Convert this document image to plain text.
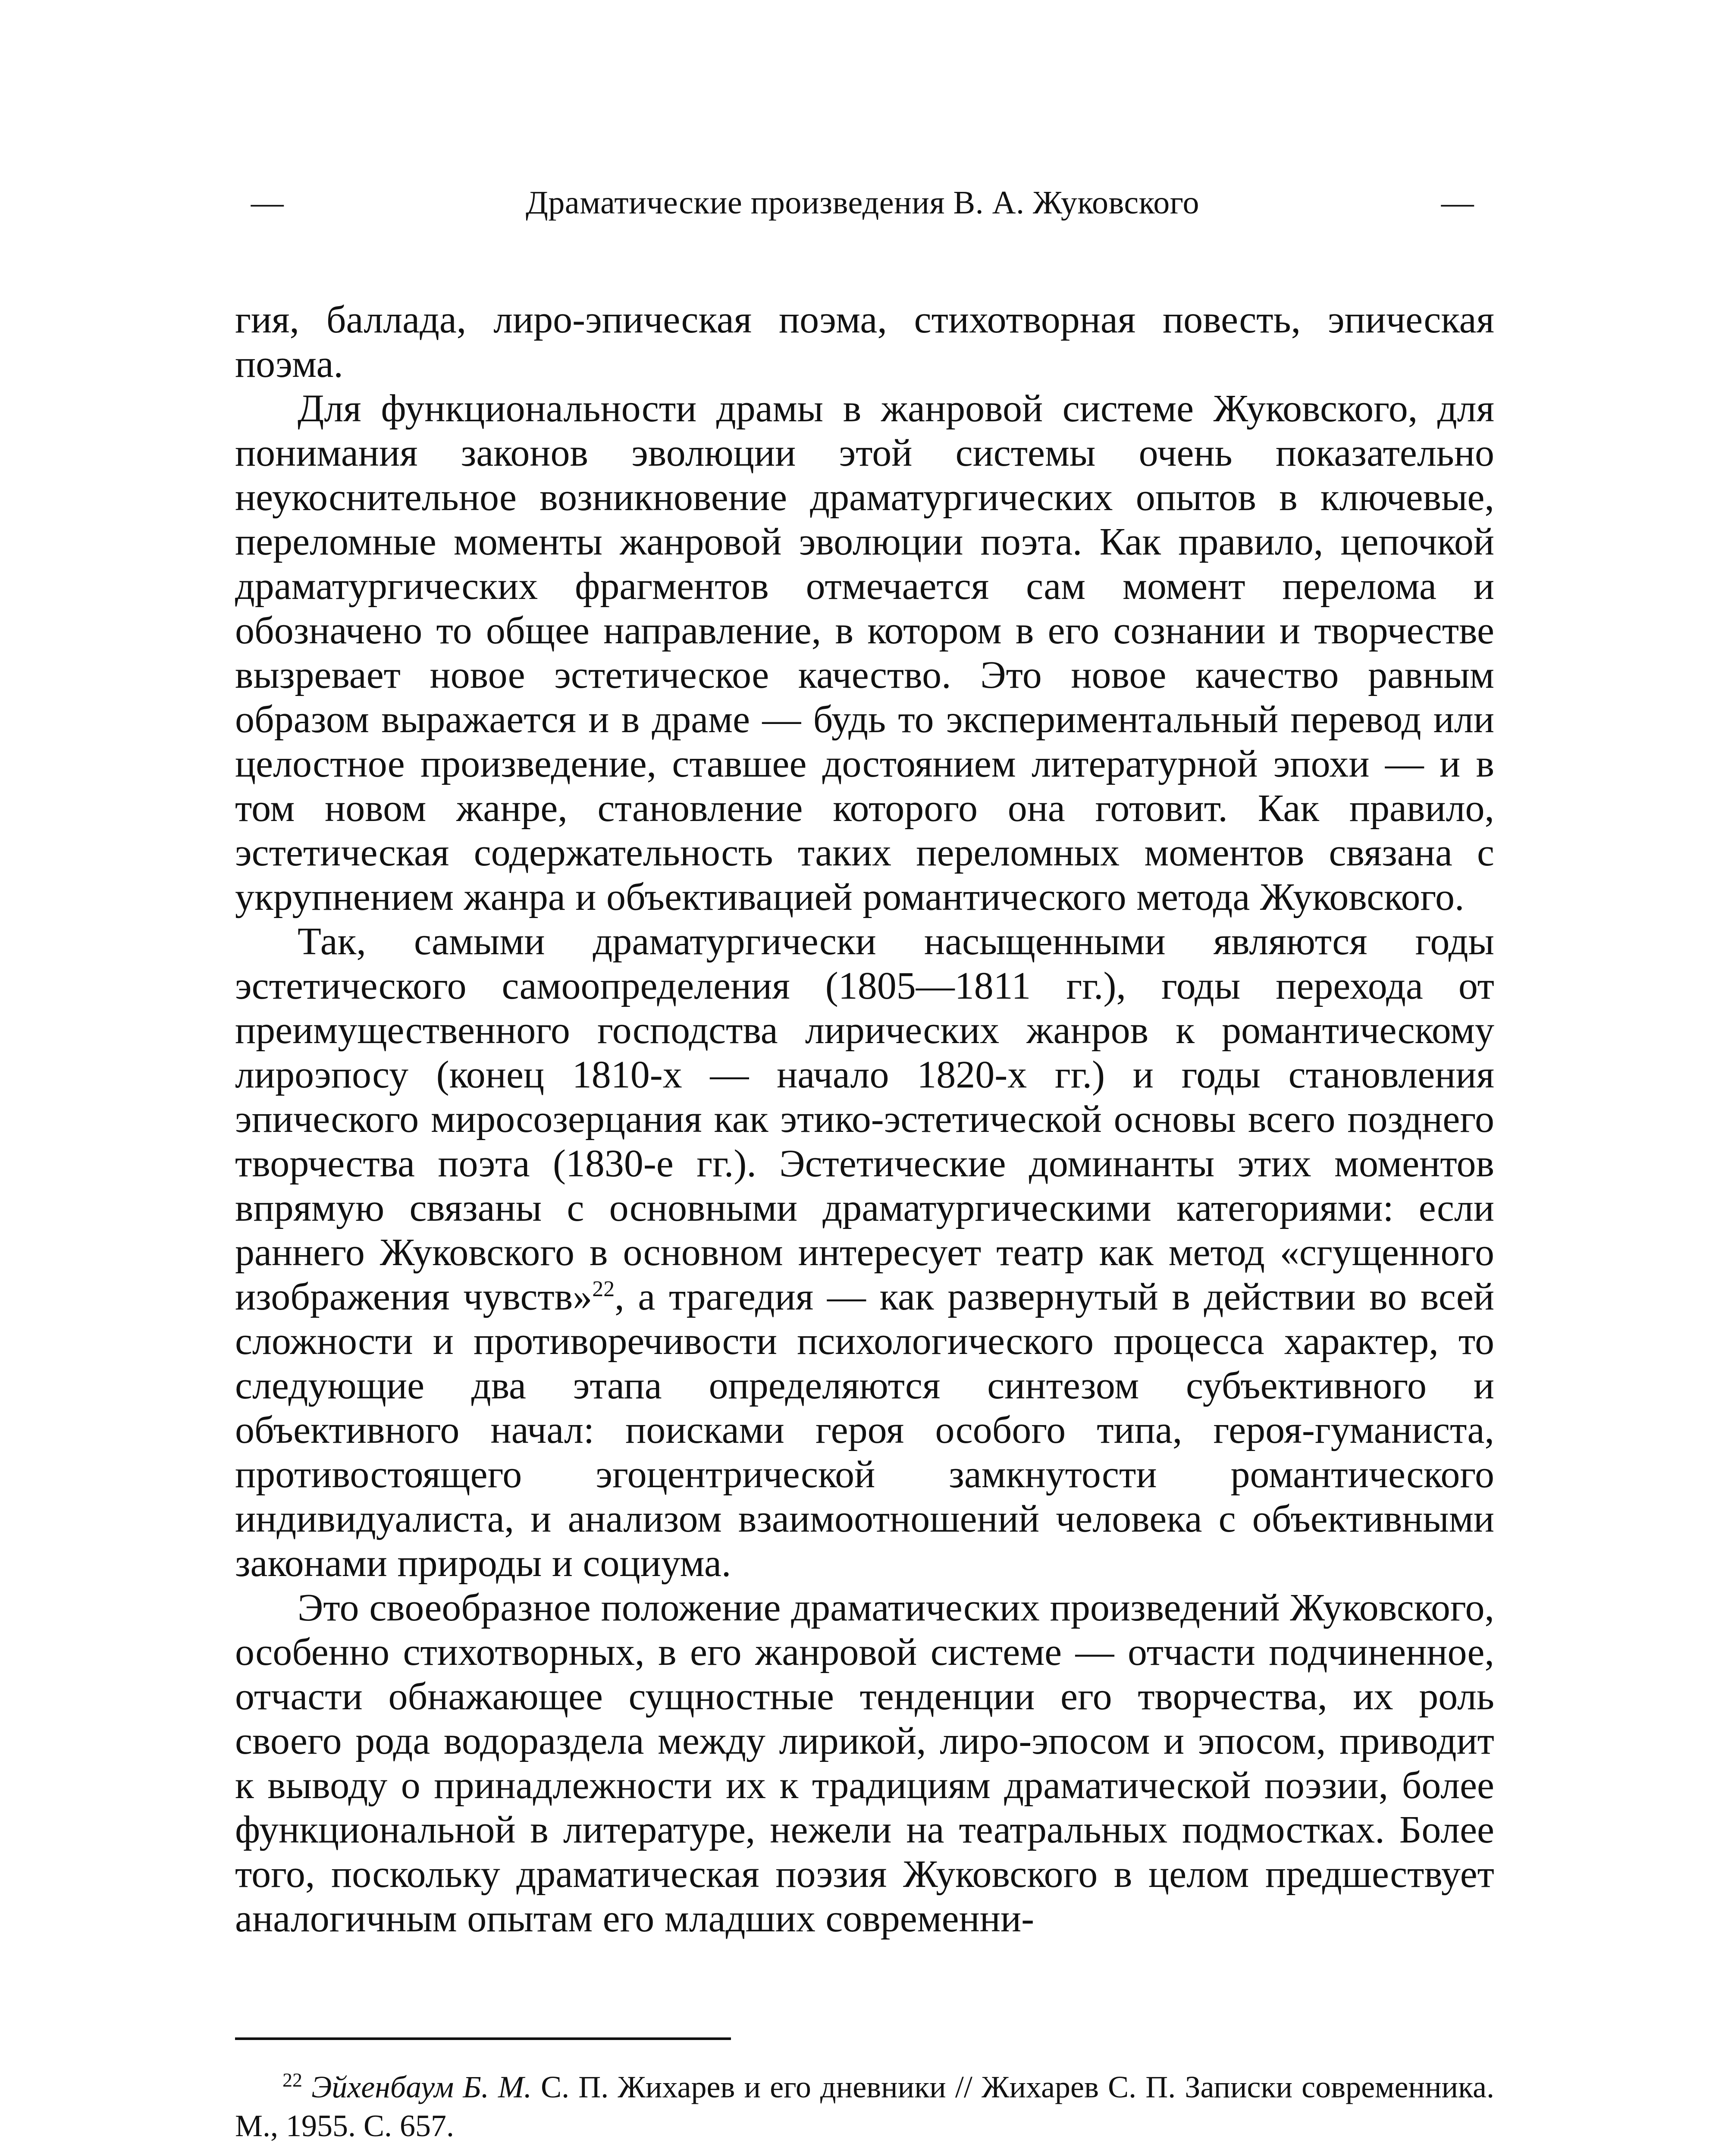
—	Драматические произведения В. А. Жуковского	—

гия, баллада, лиро-эпическая поэма, стихотворная повесть, эпическая поэма.

Для функциональности драмы в жанровой системе Жуковского, для понимания законов эволюции этой системы очень показательно неукоснительное возникновение драматургических опытов в ключевые, переломные моменты жанровой эволюции поэта. Как правило, цепочкой драматургических фрагментов отмечается сам момент перелома и обозначено то общее направление, в котором в его сознании и творчестве вызревает новое эстетическое качество. Это новое качество равным образом выражается и в драме — будь то экспериментальный перевод или целостное произведение, ставшее достоянием литературной эпохи — и в том новом жанре, становление которого она готовит. Как правило, эстетическая содержательность таких переломных моментов связана с укрупнением жанра и объективацией романтического метода Жуковского.

Так, самыми драматургически насыщенными являются годы эстетического самоопределения (1805—1811 гг.), годы перехода от преимущественного господства лирических жанров к романтическому лироэпосу (конец 1810-х — начало 1820-х гг.) и годы становления эпического миросозерцания как этико-эстетической основы всего позднего творчества поэта (1830-е гг.). Эстетические доминанты этих моментов впрямую связаны с основными драматургическими категориями: если раннего Жуковского в основном интересует театр как метод «сгущенного изображения чувств»$^{22}$, а трагедия — как развернутый в действии во всей сложности и противоречивости психологического процесса характер, то следующие два этапа определяются синтезом субъективного и объективного начал: поисками героя особого типа, героя-гуманиста, противостоящего эгоцентрической замкнутости романтического индивидуалиста, и анализом взаимоотношений человека с объективными законами природы и социума.

Это своеобразное положение драматических произведений Жуковского, особенно стихотворных, в его жанровой системе — отчасти подчиненное, отчасти обнажающее сущностные тенденции его творчества, их роль своего рода водораздела между лирикой, лиро-эпосом и эпосом, приводит к выводу о принадлежности их к традициям драматической поэзии, более функциональной в литературе, нежели на театральных подмостках. Более того, поскольку драматическая поэзия Жуковского в целом предшествует аналогичным опытам его младших современни-

$^{22}$ Эйхенбаум Б. М. С. П. Жихарев и его дневники // Жихарев С. П. Записки современника. М., 1955. С. 657.
